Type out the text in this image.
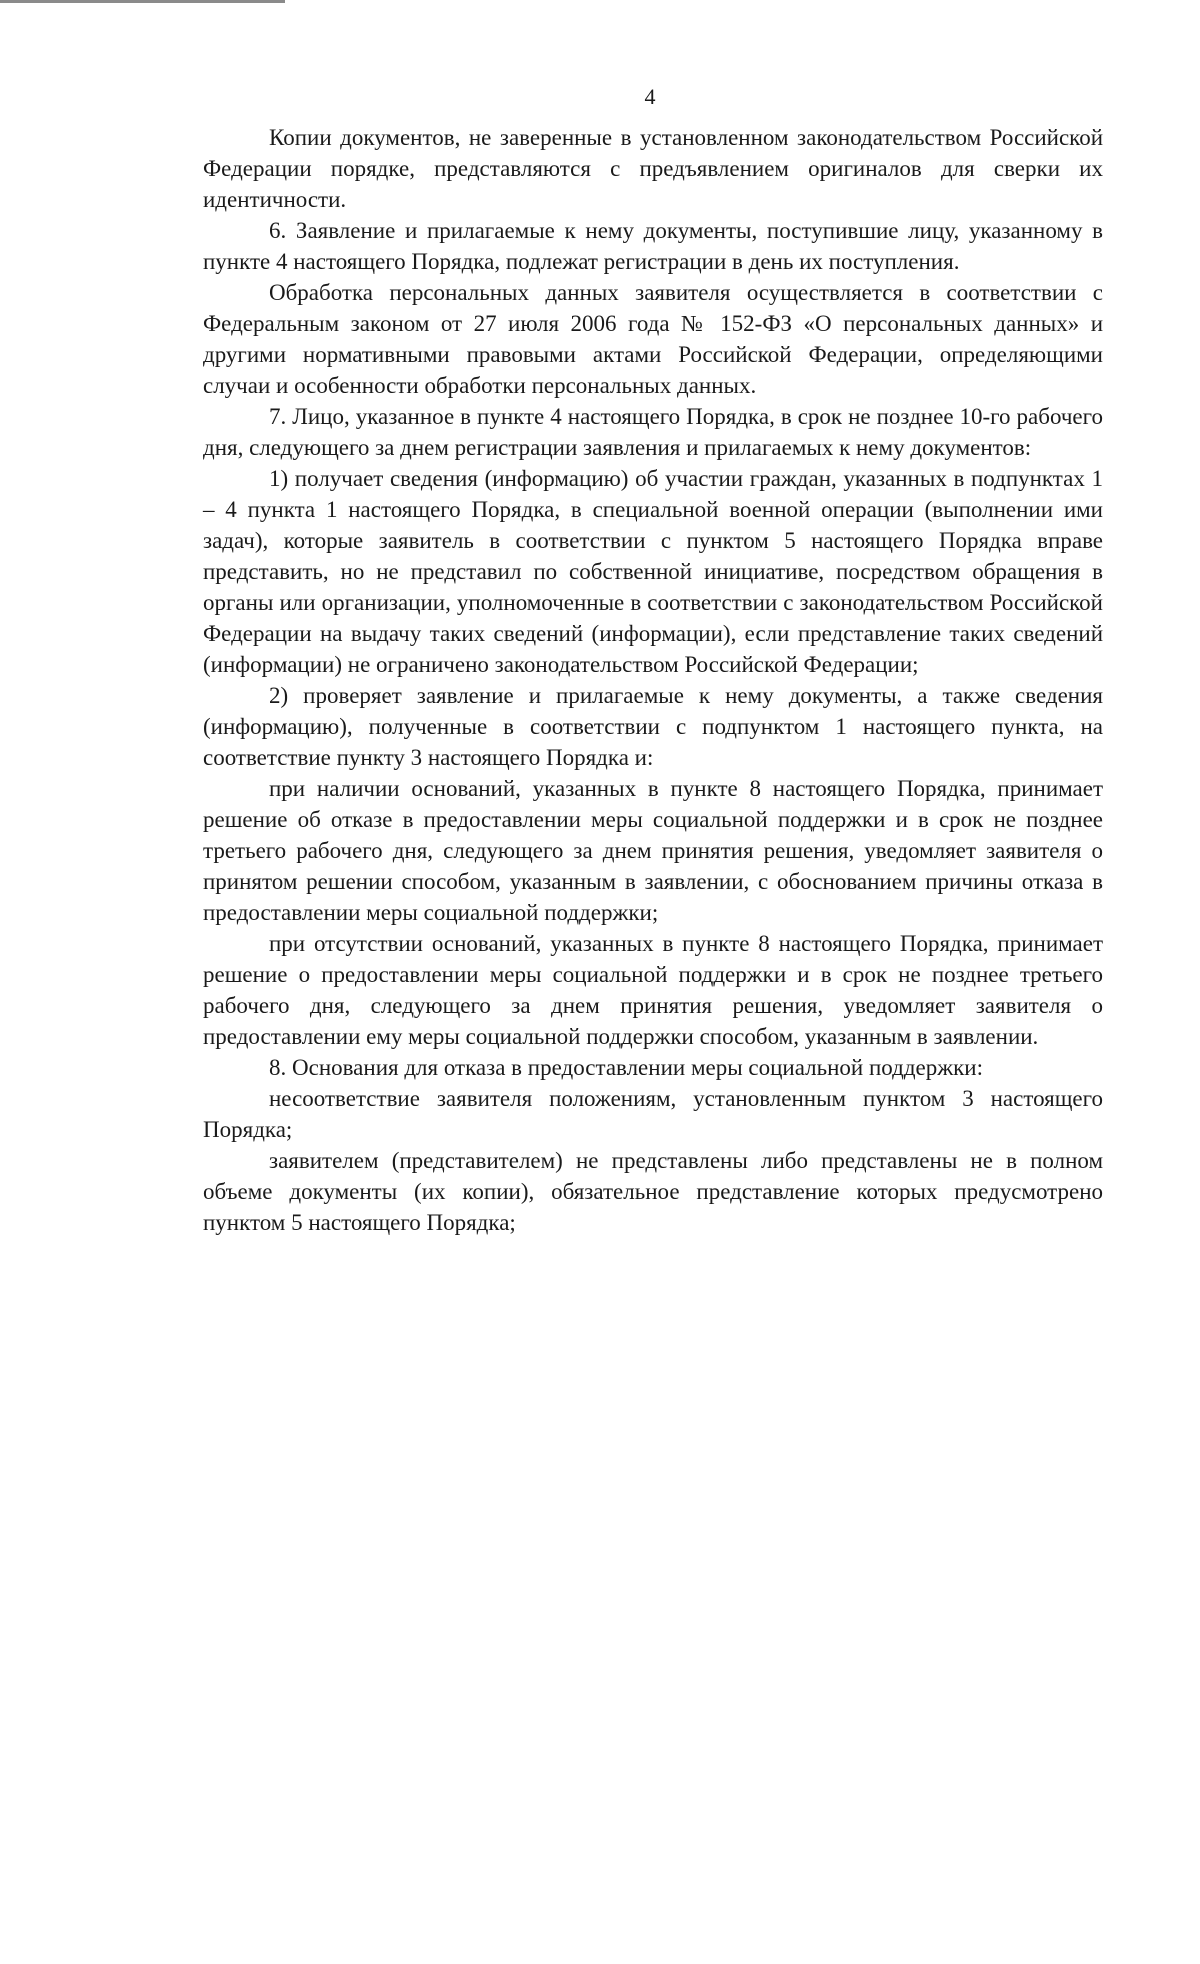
4

Копии документов, не заверенные в установленном законодательством Российской Федерации порядке, представляются с предъявлением оригиналов для сверки их идентичности.

6. Заявление и прилагаемые к нему документы, поступившие лицу, указанному в пункте 4 настоящего Порядка, подлежат регистрации в день их поступления.

Обработка персональных данных заявителя осуществляется в соответствии с Федеральным законом от 27 июля 2006 года № 152-ФЗ «О персональных данных» и другими нормативными правовыми актами Российской Федерации, определяющими случаи и особенности обработки персональных данных.

7. Лицо, указанное в пункте 4 настоящего Порядка, в срок не позднее 10-го рабочего дня, следующего за днем регистрации заявления и прилагаемых к нему документов:

1) получает сведения (информацию) об участии граждан, указанных в подпунктах 1 – 4 пункта 1 настоящего Порядка, в специальной военной операции (выполнении ими задач), которые заявитель в соответствии с пунктом 5 настоящего Порядка вправе представить, но не представил по собственной инициативе, посредством обращения в органы или организации, уполномоченные в соответствии с законодательством Российской Федерации на выдачу таких сведений (информации), если представление таких сведений (информации) не ограничено законодательством Российской Федерации;

2) проверяет заявление и прилагаемые к нему документы, а также сведения (информацию), полученные в соответствии с подпунктом 1 настоящего пункта, на соответствие пункту 3 настоящего Порядка и:

при наличии оснований, указанных в пункте 8 настоящего Порядка, принимает решение об отказе в предоставлении меры социальной поддержки и в срок не позднее третьего рабочего дня, следующего за днем принятия решения, уведомляет заявителя о принятом решении способом, указанным в заявлении, с обоснованием причины отказа в предоставлении меры социальной поддержки;

при отсутствии оснований, указанных в пункте 8 настоящего Порядка, принимает решение о предоставлении меры социальной поддержки и в срок не позднее третьего рабочего дня, следующего за днем принятия решения, уведомляет заявителя о предоставлении ему меры социальной поддержки способом, указанным в заявлении.

8. Основания для отказа в предоставлении меры социальной поддержки:

несоответствие заявителя положениям, установленным пунктом 3 настоящего Порядка;

заявителем (представителем) не представлены либо представлены не в полном объеме документы (их копии), обязательное представление которых предусмотрено пунктом 5 настоящего Порядка;
